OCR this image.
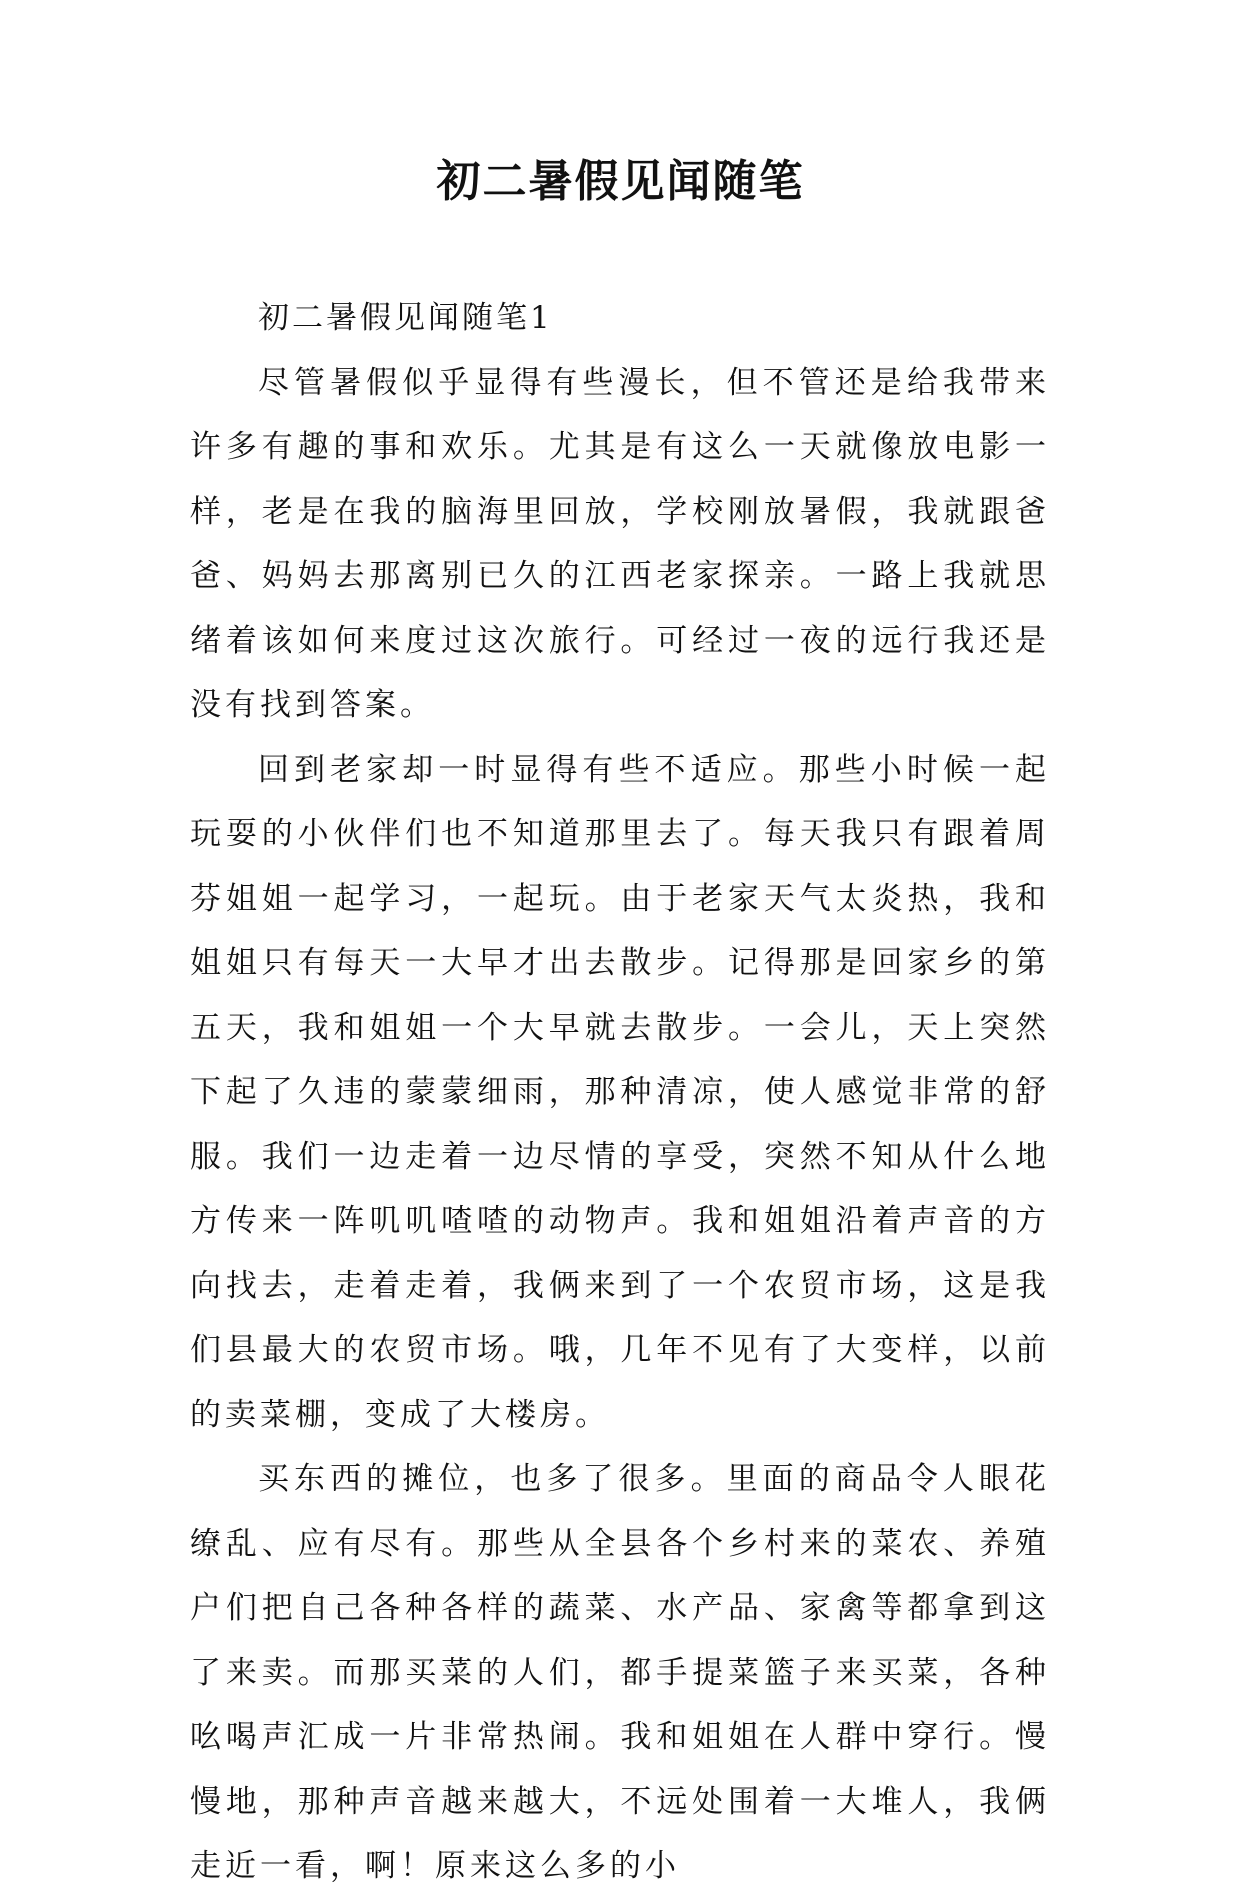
初二暑假见闻随笔

初二暑假见闻随笔1

尽管暑假似乎显得有些漫长，但不管还是给我带来许多有趣的事和欢乐。尤其是有这么一天就像放电影一样，老是在我的脑海里回放，学校刚放暑假，我就跟爸爸、妈妈去那离别已久的江西老家探亲。一路上我就思绪着该如何来度过这次旅行。可经过一夜的远行我还是没有找到答案。

回到老家却一时显得有些不适应。那些小时候一起玩耍的小伙伴们也不知道那里去了。每天我只有跟着周芬姐姐一起学习，一起玩。由于老家天气太炎热，我和姐姐只有每天一大早才出去散步。记得那是回家乡的第五天，我和姐姐一个大早就去散步。一会儿，天上突然下起了久违的蒙蒙细雨，那种清凉，使人感觉非常的舒服。我们一边走着一边尽情的享受，突然不知从什么地方传来一阵叽叽喳喳的动物声。我和姐姐沿着声音的方向找去，走着走着，我俩来到了一个农贸市场，这是我们县最大的农贸市场。哦，几年不见有了大变样，以前的卖菜棚，变成了大楼房。

买东西的摊位，也多了很多。里面的商品令人眼花缭乱、应有尽有。那些从全县各个乡村来的菜农、养殖户们把自己各种各样的蔬菜、水产品、家禽等都拿到这了来卖。而那买菜的人们，都手提菜篮子来买菜，各种吆喝声汇成一片非常热闹。我和姐姐在人群中穿行。慢慢地，那种声音越来越大，不远处围着一大堆人，我俩走近一看，啊！原来这么多的小
